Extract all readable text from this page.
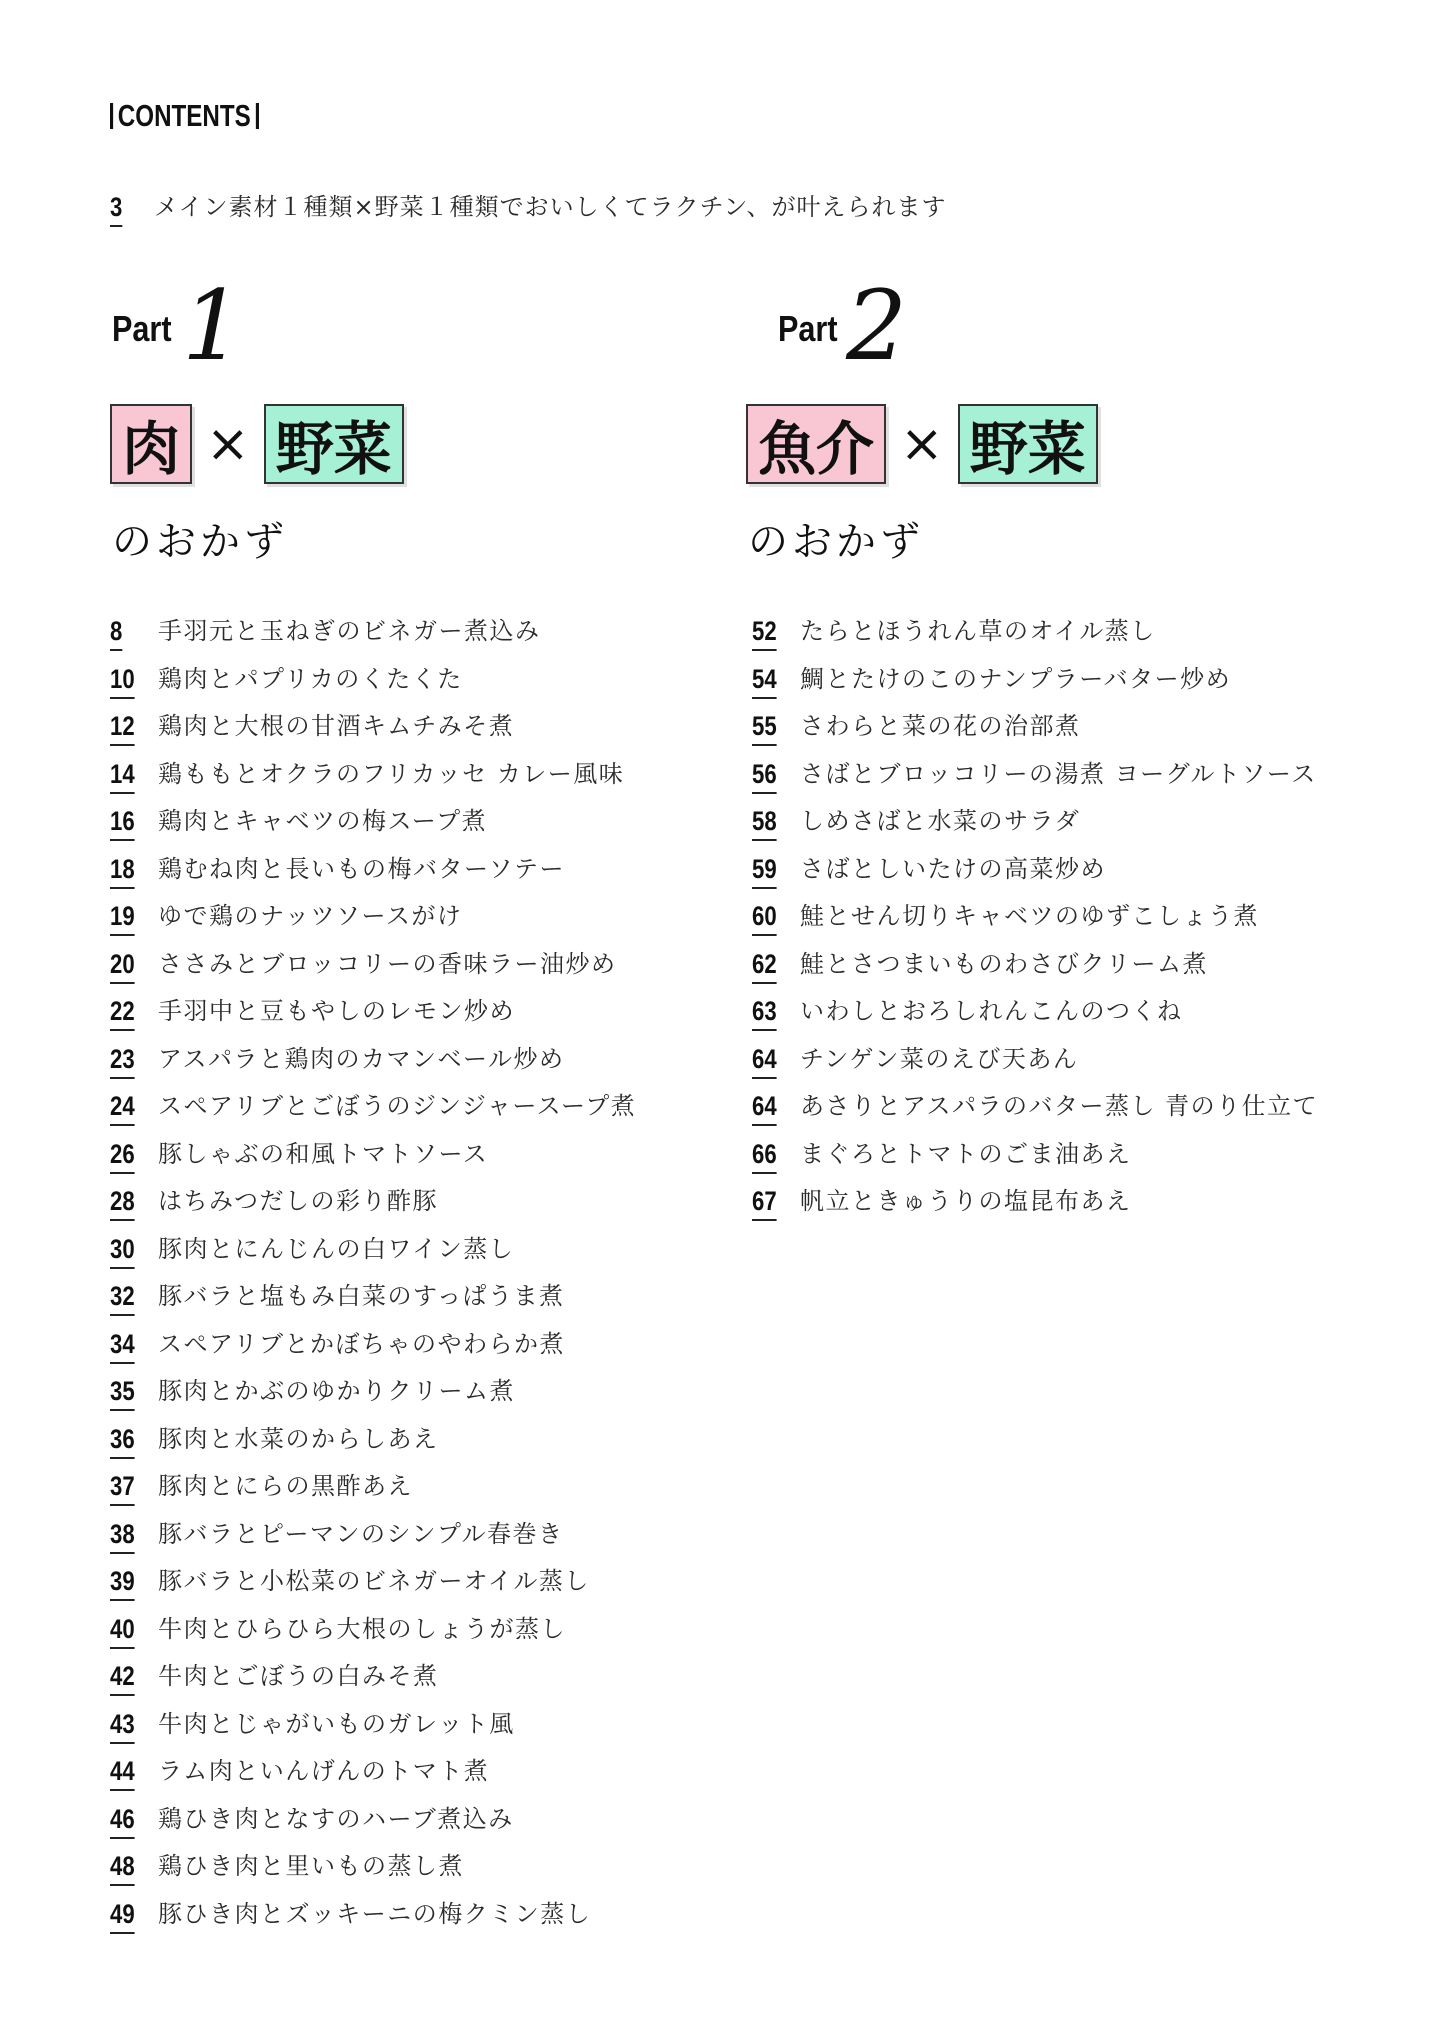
CONTENTS
3	メイン素材１種類×野菜１種類でおいしくてラクチン、が叶えられます
Part 1
肉 × 野菜
のおかず
8	手羽元と玉ねぎのビネガー煮込み
10 鶏肉とパプリカのくたくた
12 鶏肉と大根の甘酒キムチみそ煮
14 鶏ももとオクラのフリカッセ カレー風味
16 鶏肉とキャベツの梅スープ煮
18 鶏むね肉と長いもの梅バターソテー
19 ゆで鶏のナッツソースがけ
20 ささみとブロッコリーの香味ラー油炒め
22 手羽中と豆もやしのレモン炒め
23 アスパラと鶏肉のカマンベール炒め
24 スペアリブとごぼうのジンジャースープ煮
26 豚しゃぶの和風トマトソース
28 はちみつだしの彩り酢豚
30 豚肉とにんじんの白ワイン蒸し
32 豚バラと塩もみ白菜のすっぱうま煮
34 スペアリブとかぼちゃのやわらか煮
35 豚肉とかぶのゆかりクリーム煮
36 豚肉と水菜のからしあえ
37 豚肉とにらの黒酢あえ
38 豚バラとピーマンのシンプル春巻き
39 豚バラと小松菜のビネガーオイル蒸し
40 牛肉とひらひら大根のしょうが蒸し
42 牛肉とごぼうの白みそ煮
43 牛肉とじゃがいものガレット風
44 ラム肉といんげんのトマト煮
46 鶏ひき肉となすのハーブ煮込み
48 鶏ひき肉と里いもの蒸し煮
49 豚ひき肉とズッキーニの梅クミン蒸し
Part 2
魚介 × 野菜
のおかず
52 たらとほうれん草のオイル蒸し
54 鯛とたけのこのナンプラーバター炒め
55 さわらと菜の花の治部煮
56 さばとブロッコリーの湯煮 ヨーグルトソース
58 しめさばと水菜のサラダ
59 さばとしいたけの高菜炒め
60 鮭とせん切りキャベツのゆずこしょう煮
62 鮭とさつまいものわさびクリーム煮
63 いわしとおろしれんこんのつくね
64 チンゲン菜のえび天あん
64 あさりとアスパラのバター蒸し 青のり仕立て
66 まぐろとトマトのごま油あえ
67 帆立ときゅうりの塩昆布あえ
